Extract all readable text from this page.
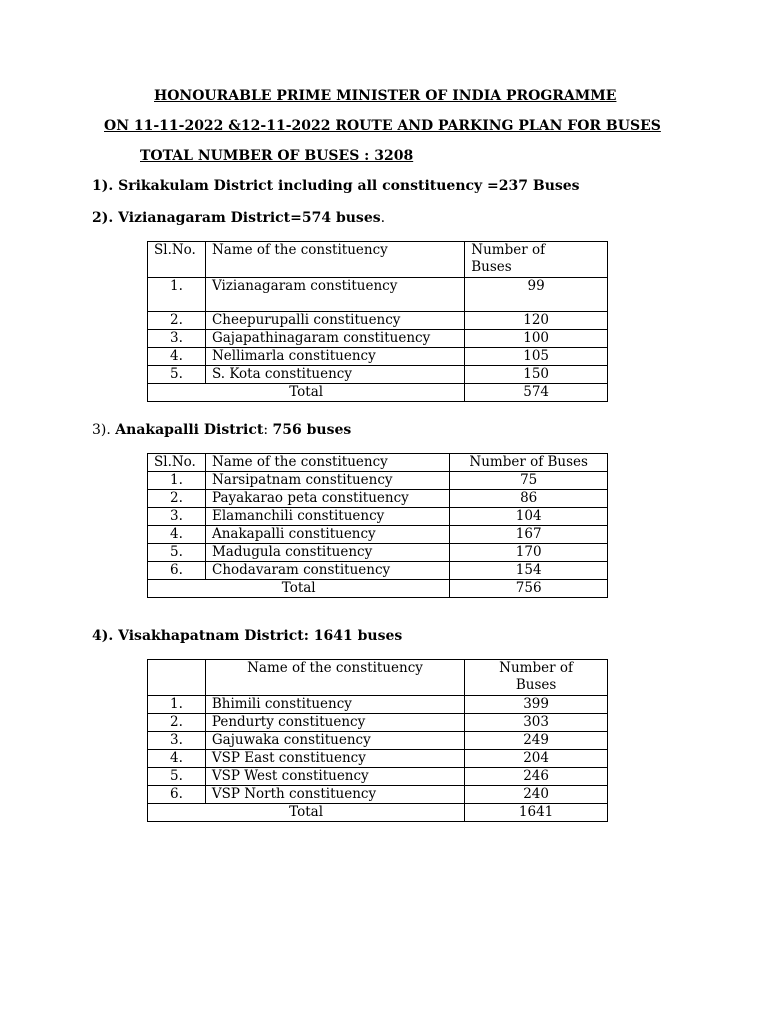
HONOURABLE PRIME MINISTER OF INDIA PROGRAMME
ON 11-11-2022 &12-11-2022 ROUTE AND PARKING PLAN FOR BUSES
TOTAL NUMBER OF BUSES : 3208
1). Srikakulam District including all constituency =237 Buses
2). Vizianagaram District=574 buses.
Sl.No.	Name of the constituency	Number of Buses
1.	Vizianagaram constituency	99
2.	Cheepurupalli constituency	120
3.	Gajapathinagaram constituency	100
4.	Nellimarla constituency	105
5.	S. Kota constituency	150
Total		574
3). Anakapalli District: 756 buses
Sl.No.	Name of the constituency	Number of Buses
1.	Narsipatnam constituency	75
2.	Payakarao peta constituency	86
3.	Elamanchili constituency	104
4.	Anakapalli constituency	167
5.	Madugula constituency	170
6.	Chodavaram constituency	154
Total		756
4). Visakhapatnam District: 1641 buses
	Name of the constituency	Number of Buses
1.	Bhimili constituency	399
2.	Pendurty constituency	303
3.	Gajuwaka constituency	249
4.	VSP East constituency	204
5.	VSP West constituency	246
6.	VSP North constituency	240
Total		1641
